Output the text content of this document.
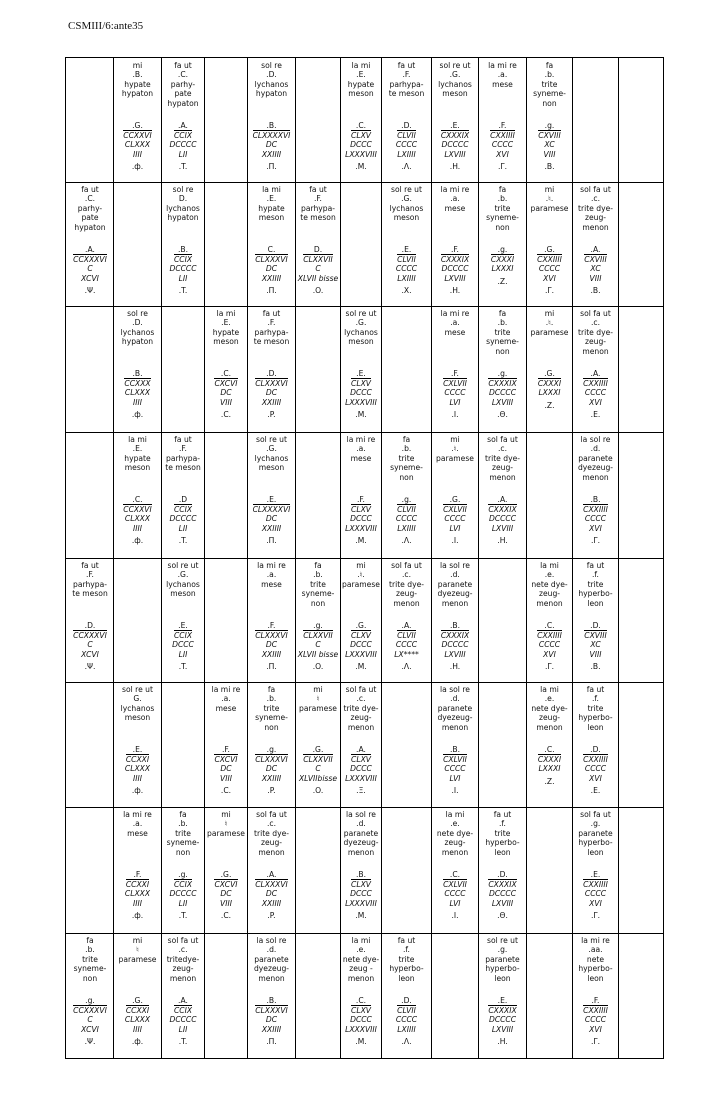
CSMIII/6:ante35
mi
.B.
hypate
hypaton
.G.
CCXXVI
CLXXX
IIII
.ф.
fa ut
.C.
parhy-
pate
hypaton
.A.
CCIX
DCCCC
LII
.T.
sol re
.D.
lychanos
hypaton
.B.
CLXXXXVI
DC
XXIIII
.П.
la mi
.E.
hypate
meson
.C.
CLXV
DCCC
LXXXVIII
.M.
fa ut
.F.
parhypa-
te meson
.D.
CLVII
CCCC
LXIIII
.Λ.
sol re ut
.G.
lychanos
meson
.E.
CXXXIX
DCCCC
LXVIII
.H.
la mi re
.a.
mese
.F.
CXXIIII
CCCC
XVI
.Γ.
fa
.b.
trite
syneme-
non
.g.
CXVIII
XC
VIII
.B.
fa ut
.C.
parhy-
pate
hypaton
.A.
CCXXXVI
C
XCVI
.Ψ.
sol re
D.
lychanos
hypaton
.B.
CCIX
DCCCC
LII
.T.
la mi
.E.
hypate
meson
C.
CLXXXVI
DC
XXIIII
.П.
fa ut
.F.
parhypa-
te meson
D.
CLXXVII
C
XLVII bisse
.O.
sol re ut
.G.
lychanos
meson
.E.
CLVII
CCCC
LXIIII
.X.
la mi re
.a.
mese
.F.
CXXXIX
DCCCC
LXVIII
.H.
fa
.b.
trite
syneme-
non
.g.
CXXXI
LXXXI
.Z.
mi
.♮.
paramese
.G.
CXXIIII
CCCC
XVI
.Γ.
sol fa ut
.c.
trite dye-
zeug-
menon
.A.
CXVIII
XC
VIII
.B.
sol re
.D.
lychanos
hypaton
.B.
CCXXX
CLXXX
IIII
.ф.
la mi
.E.
hypate
meson
.C.
CXCVI
DC
VIII
.C.
fa ut
.F.
parhypa-
te meson
.D.
CLXXXVI
DC
XXIIII
.P.
sol re ut
.G.
lychanos
meson
.E.
CLXV
DCCC
LXXXVIII
.M.
la mi re
.a.
mese
.F.
CXLVII
CCCC
LVI
.I.
fa
.b.
trite
syneme-
non
.g.
CXXXIX
DCCCC
LXVIII
.Θ.
mi
.♮.
paramese
.G.
CXXXI
LXXXI
.Z.
sol fa ut
.c.
trite dye-
zeug-
menon
.A.
CXXIIII
CCCC
XVI
.E.
la mi
.E.
hypate
meson
.C.
CCXXVI
CLXXX
IIII
.ф.
fa ut
.F.
parhypa-
te meson
.D
CCIX
DCCCC
LII
.T.
sol re ut
.G.
lychanos
meson
.E.
CLXXXXVI
DC
XXIIII
.П.
la mi re
.a.
mese
.F.
CLXV
DCCC
LXXXVIII
.M.
fa
.b.
trite
syneme-
non
.g.
CLVII
CCCC
LXIIII
.Λ.
mi
.♮.
paramese
.G.
CXLVII
CCCC
LVI
.I.
sol fa ut
.c.
trite dye-
zeug-
menon
.A.
CXXXIX
DCCCC
LXVIII
.H.
la sol re
.d.
paranete
dyezeug-
menon
.B.
CXXIIII
CCCC
XVI
.Γ.
fa ut
.F.
parhypa-
te meson
.D.
CCXXXVI
C
XCVI
.Ψ.
sol re ut
.G.
lychanos
meson
.E.
CCIX
DCCC
LII
.T.
la mi re
.a.
mese
.F.
CLXXXVI
DC
XXIIII
.П.
fa
.b.
trite
syneme-
non
.g.
CLXXVII
C
XLVII bisse
.O.
mi
.♮.
paramese
.G.
CLXV
DCCC
LXXXVIII
.M.
sol fa ut
.c.
trite dye-
zeug-
menon
.A.
CLVII
CCCC
LX****
.Λ.
la sol re
.d.
paranete
dyezeug-
menon
.B.
CXXXIX
DCCCC
LXVIII
.H.
la mi
.e.
nete dye-
zeug-
menon
.C.
CXXIIII
CCCC
XVI
.Γ.
fa ut
.f.
trite
hyperbo-
leon
.D.
CXVIII
XC
VIII
.B.
sol re ut
G.
lychanos
meson
.E.
CCXXI
CLXXX
IIII
.ф.
la mi re
.a.
mese
.F.
CXCVI
DC
VIII
.C.
fa
.b.
trite
syneme-
non
.g.
CLXXXVI
DC
XXIIII
.P.
mi
♮
paramese
.G.
CLXXVII
C
XLVIIbisse
.O.
sol fa ut
.c.
trite dye-
zeug-
menon
.A.
CLXV
DCCC
LXXXVIII
.Ξ.
la sol re
.d.
paranete
dyezeug-
menon
.B.
CXLVII
CCCC
LVI
.I.
la mi
.e.
nete dye-
zeug-
menon
.C.
CXXXI
LXXXI
.Z.
fa ut
.f.
trite
hyperbo-
leon
.D.
CXXIIII
CCCC
XVI
.E.
la mi re
.a.
mese
.F.
CCXXI
CLXXX
IIII
.ф.
fa
.b.
trite
syneme-
non
.g.
CCIX
DCCCC
LII
.T.
mi
♮
paramese
.G.
CXCVI
DC
VIII
.C.
sol fa ut
.c.
trite dye-
zeug-
menon
.A.
CLXXXVI
DC
XXIIII
.P.
la sol re
.d.
paranete
dyezeug-
menon
.B.
CLXV
DCCC
LXXXVIII
.M.
la mi
.e.
nete dye-
zeug-
menon
.C.
CXLVII
CCCC
LVI
.I.
fa ut
.f.
trite
hyperbo-
leon
.D.
CXXXIX
DCCCC
LXVIII
.Θ.
sol fa ut
.g.
paranete
hyperbo-
leon
.E.
CXXIIII
CCCC
XVI
.Γ.
fa
.b.
trite
syneme-
non
.g.
CCXXXVI
C
XCVI
.Ψ.
mi
♮
paramese
.G.
CCXXI
CLXXX
IIII
.ф.
sol fa ut
.c.
tritedye-
zeug-
menon
.A.
CCIX
DCCCC
LII
.T.
la sol re
.d.
paranete
dyezeug-
menon
.B.
CLXXXVI
DC
XXIIII
.П.
la mi
.e.
nete dye-
zeug -
menon
.C.
CLXV
DCCC
LXXXVIII
.M.
fa ut
.f.
trite
hyperbo-
leon
.D.
CLVII
CCCC
LXIIII
.Λ.
sol re ut
.g.
paranete
hyperbo-
leon
.E.
CXXXIX
DCCCC
LXVIII
.H.
la mi re
.aa.
nete
hyperbo-
leon
.F.
CXXIIII
CCCC
XVI
.Γ.
